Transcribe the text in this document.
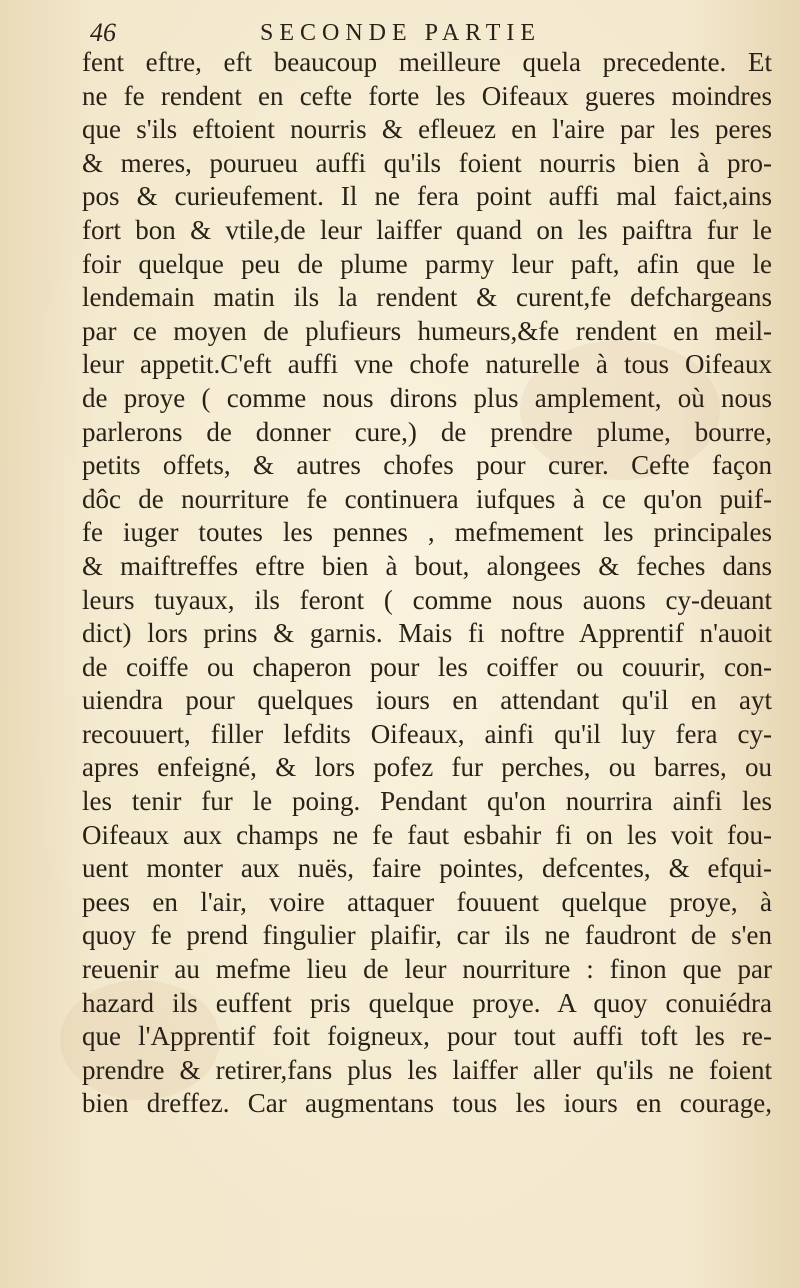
46	SECONDE PARTIE
fent eftre, eft beaucoup meilleure quela precedente. Et
ne fe rendent en cefte forte les Oifeaux gueres moindres
que s'ils eftoient nourris & efleuez en l'aire par les peres
& meres, pourueu auffi qu'ils foient nourris bien à pro-
pos & curieufement. Il ne fera point auffi mal faict,ains
fort bon & vtile,de leur laiffer quand on les paiftra fur le
foir quelque peu de plume parmy leur paft, afin que le
lendemain matin ils la rendent & curent,fe defchargeans
par ce moyen de plufieurs humeurs,&fe rendent en meil-
leur appetit.C'eft auffi vne chofe naturelle à tous Oifeaux
de proye ( comme nous dirons plus amplement, où nous
parlerons de donner cure,) de prendre plume, bourre,
petits offets, & autres chofes pour curer. Cefte façon
dôc de nourriture fe continuera iufques à ce qu'on puif-
fe iuger toutes les pennes , mefmement les principales
& maiftreffes eftre bien à bout, alongees & feches dans
leurs tuyaux, ils feront ( comme nous auons cy-deuant
dict) lors prins & garnis. Mais fi noftre Apprentif n'auoit
de coiffe ou chaperon pour les coiffer ou couurir, con-
uiendra pour quelques iours en attendant qu'il en ayt
recouuert, filler lefdits Oifeaux, ainfi qu'il luy fera cy-
apres enfeigné, & lors pofez fur perches, ou barres, ou
les tenir fur le poing. Pendant qu'on nourrira ainfi les
Oifeaux aux champs ne fe faut esbahir fi on les voit fou-
uent monter aux nuës, faire pointes, defcentes, & efqui-
pees en l'air, voire attaquer fouuent quelque proye, à
quoy fe prend fingulier plaifir, car ils ne faudront de s'en
reuenir au mefme lieu de leur nourriture : finon que par
hazard ils euffent pris quelque proye. A quoy conuiédra
que l'Apprentif foit foigneux, pour tout auffi toft les re-
prendre & retirer,fans plus les laiffer aller qu'ils ne foient
bien dreffez. Car augmentans tous les iours en courage,
